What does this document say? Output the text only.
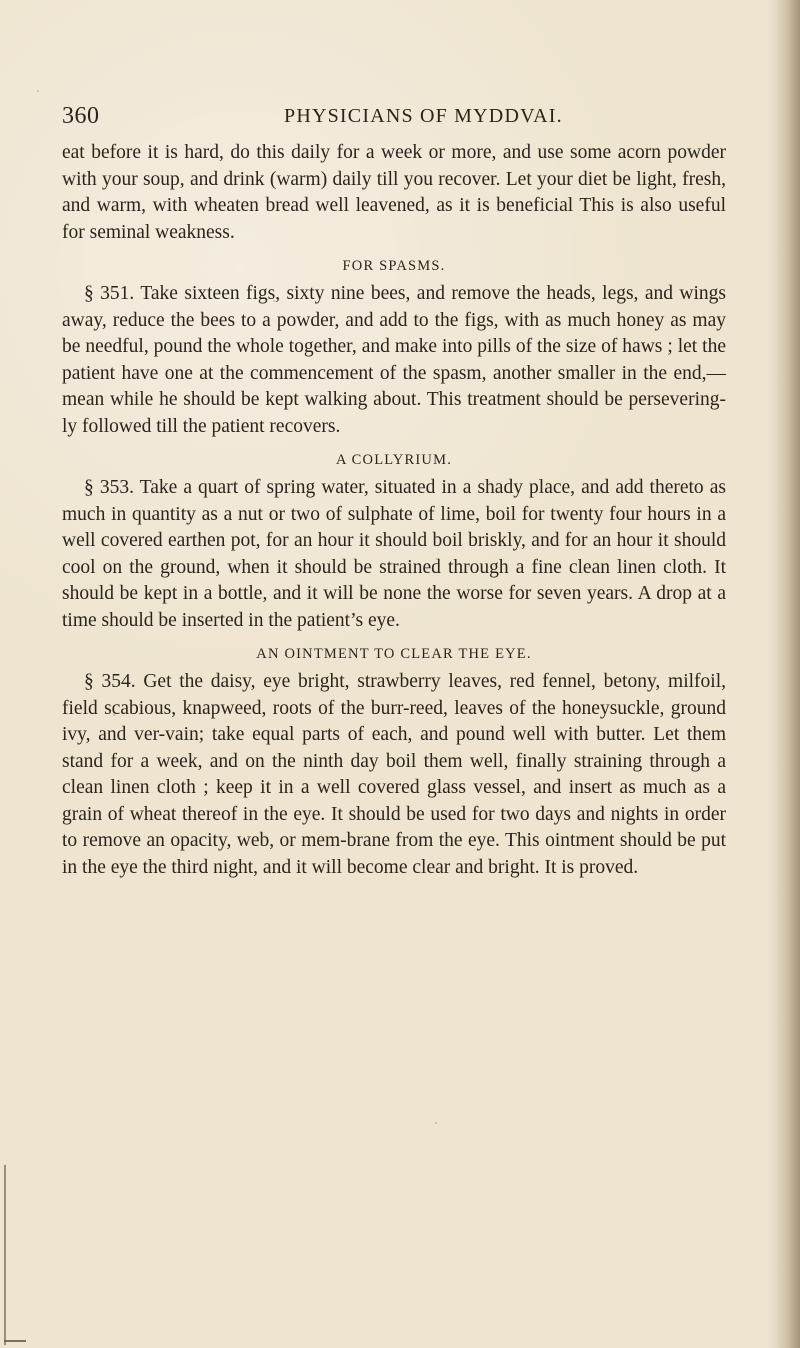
360	PHYSICIANS OF MYDDVAI.

eat before it is hard, do this daily for a week or more, and use some acorn powder with your soup, and drink (warm) daily till you recover. Let your diet be light, fresh, and warm, with wheaten bread well leavened, as it is beneficial This is also useful for seminal weakness.

FOR SPASMS.

§ 351. Take sixteen figs, sixty nine bees, and remove the heads, legs, and wings away, reduce the bees to a powder, and add to the figs, with as much honey as may be needful, pound the whole together, and make into pills of the size of haws ; let the patient have one at the commencement of the spasm, another smaller in the end,—mean while he should be kept walking about. This treatment should be persevering-ly followed till the patient recovers.

A COLLYRIUM.

§ 353. Take a quart of spring water, situated in a shady place, and add thereto as much in quantity as a nut or two of sulphate of lime, boil for twenty four hours in a well covered earthen pot, for an hour it should boil briskly, and for an hour it should cool on the ground, when it should be strained through a fine clean linen cloth. It should be kept in a bottle, and it will be none the worse for seven years. A drop at a time should be inserted in the patient’s eye.

AN OINTMENT TO CLEAR THE EYE.

§ 354. Get the daisy, eye bright, strawberry leaves, red fennel, betony, milfoil, field scabious, knapweed, roots of the burr-reed, leaves of the honeysuckle, ground ivy, and ver-vain; take equal parts of each, and pound well with butter. Let them stand for a week, and on the ninth day boil them well, finally straining through a clean linen cloth ; keep it in a well covered glass vessel, and insert as much as a grain of wheat thereof in the eye. It should be used for two days and nights in order to remove an opacity, web, or mem-brane from the eye. This ointment should be put in the eye the third night, and it will become clear and bright. It is proved.
